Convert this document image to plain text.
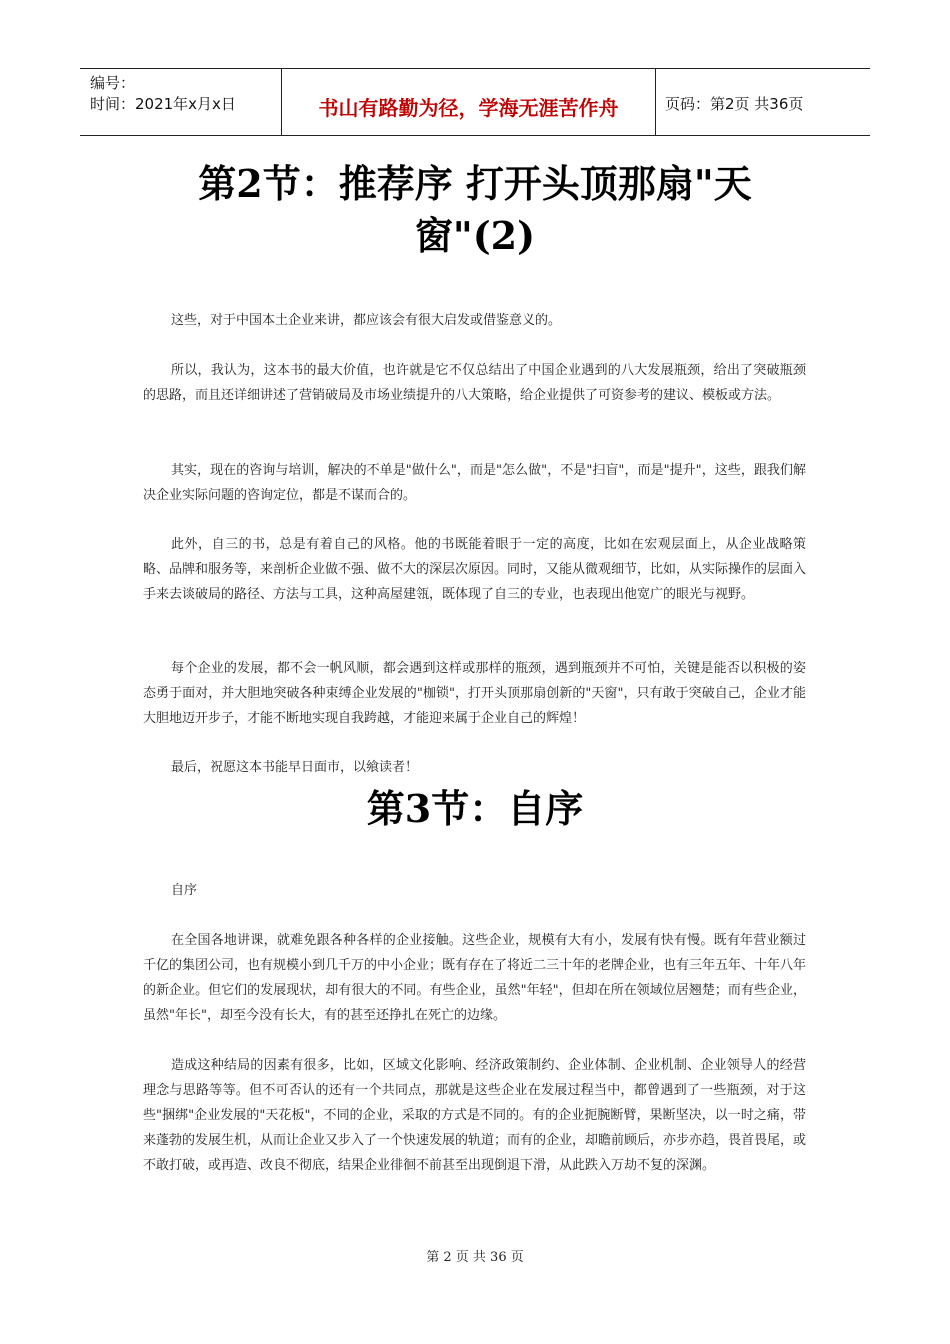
编号：
时间：2021年x月x日	书山有路勤为径，学海无涯苦作舟	页码：第2页 共36页
第2节：推荐序 打开头顶那扇"天
窗"(2)

这些，对于中国本土企业来讲，都应该会有很大启发或借鉴意义的。

所以，我认为，这本书的最大价值，也许就是它不仅总结出了中国企业遇到的八大发展瓶颈，给出了突破瓶颈的思路，而且还详细讲述了营销破局及市场业绩提升的八大策略，给企业提供了可资参考的建议、模板或方法。

其实，现在的咨询与培训，解决的不单是"做什么"，而是"怎么做"，不是"扫盲"，而是"提升"，这些，跟我们解决企业实际问题的咨询定位，都是不谋而合的。

此外，自三的书，总是有着自己的风格。他的书既能着眼于一定的高度，比如在宏观层面上，从企业战略策略、品牌和服务等，来剖析企业做不强、做不大的深层次原因。同时，又能从微观细节，比如，从实际操作的层面入手来去谈破局的路径、方法与工具，这种高屋建瓴，既体现了自三的专业，也表现出他宽广的眼光与视野。

每个企业的发展，都不会一帆风顺，都会遇到这样或那样的瓶颈，遇到瓶颈并不可怕，关键是能否以积极的姿态勇于面对，并大胆地突破各种束缚企业发展的"枷锁"，打开头顶那扇创新的"天窗"，只有敢于突破自己，企业才能大胆地迈开步子，才能不断地实现自我跨越，才能迎来属于企业自己的辉煌！

最后，祝愿这本书能早日面市，以飨读者！

第3节：自序

自序

在全国各地讲课，就难免跟各种各样的企业接触。这些企业，规模有大有小，发展有快有慢。既有年营业额过千亿的集团公司，也有规模小到几千万的中小企业；既有存在了将近二三十年的老牌企业，也有三年五年、十年八年的新企业。但它们的发展现状，却有很大的不同。有些企业，虽然"年轻"，但却在所在领域位居翘楚；而有些企业，虽然"年长"，却至今没有长大，有的甚至还挣扎在死亡的边缘。

造成这种结局的因素有很多，比如，区域文化影响、经济政策制约、企业体制、企业机制、企业领导人的经营理念与思路等等。但不可否认的还有一个共同点，那就是这些企业在发展过程当中，都曾遇到了一些瓶颈，对于这些"捆绑"企业发展的"天花板"，不同的企业，采取的方式是不同的。有的企业扼腕断臂，果断坚决，以一时之痛，带来蓬勃的发展生机，从而让企业又步入了一个快速发展的轨道；而有的企业，却瞻前顾后，亦步亦趋，畏首畏尾，或不敢打破，或再造、改良不彻底，结果企业徘徊不前甚至出现倒退下滑，从此跌入万劫不复的深渊。

第 2 页 共 36 页
